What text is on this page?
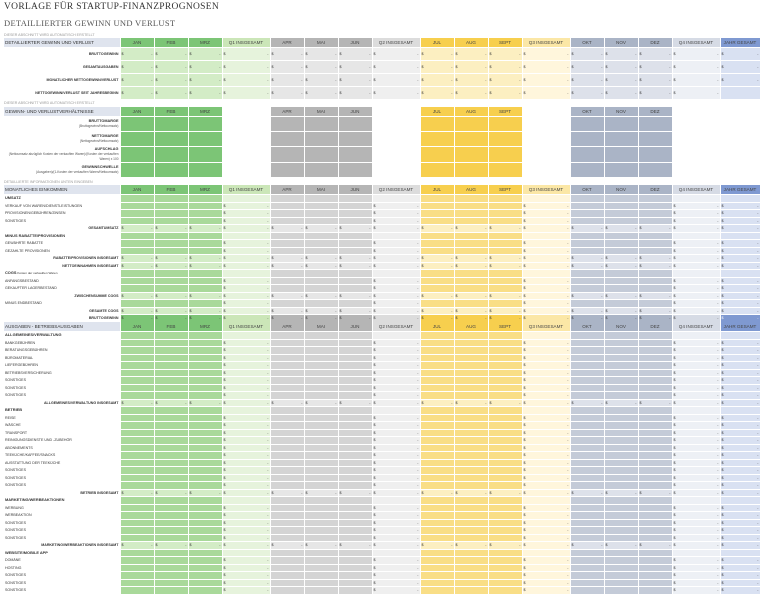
VORLAGE FÜR STARTUP-FINANZPROGNOSEN
DETAILLIERTER GEWINN UND VERLUST
DIESER ABSCHNITT WIRD AUTOMATISCH ERSTELLT
DETAILLIERTER GEWINN UND VERLUST	JAN	FEB	MRZ	Q1 INSGESAMT	APR	MAI	JUN	Q2 INSGESAMT	JUL	AUG	SEPT	Q3 INSGESAMT	OKT	NOV	DEZ	Q4 INSGESAMT	JAHR GESAMT
BRUTTOGEWINN	$ -	$ -	$ -	$ -	$ -	$ -	$ -	$ -	$ -	$ -	$ -	$ -	$ -	$ -	$ -	$ -	$ -

GESAMTAUSGABEN	$ -	$ -	$ -	$ -	$ -	$ -	$ -	$ -	$ -	$ -	$ -	$ -	$ -	$ -	$ -	$ -	$ -

MONATLICHER NETTOGEWINN/VERLUST	$ -	$ -	$ -	$ -	$ -	$ -	$ -	$ -	$ -	$ -	$ -	$ -	$ -	$ -	$ -	$ -	$ -

NETTOGEWINN/VERLUST SEIT JAHRESBEGINN	$ -	$ -	$ -	$ -	$ -	$ -	$ -	$ -	$ -	$ -	$ -	$ -	$ -	$ -	$ -	$ -	

DIESER ABSCHNITT WIRD AUTOMATISCH ERSTELLT
GEWINN- UND VERLUSTVERHÄLTNISSE	JAN	FEB	MRZ		APR	MAI	JUN		JUL	AUG	SEPT		OKT	NOV	DEZ		

BRUTTOMARGE
(Bruttogewinn/Nettoumsatz)																	

NETTOMARGE
(Nettogewinn/Nettoumsatz)																	

AUFSCHLAG
(Nettoumsatz abzüglich Kosten der verkauften Waren)/(Kosten der verkauften Waren) x 100																	

GEWINNSCHWELLE
(Ausgaben)/(1-Kosten der verkauften Waren/Nettoumsatz)																	

DETAILLIERTE INFORMATIONEN UNTEN EINGEBEN
MONATLICHES EINKOMMEN	JAN	FEB	MRZ	Q1 INSGESAMT	APR	MAI	JUN	Q2 INSGESAMT	JUL	AUG	SEPT	Q3 INSGESAMT	OKT	NOV	DEZ	Q4 INSGESAMT	JAHR GESAMT
UMSATZ																	
VERKAUF VON WAREN/DIENSTLEISTUNGEN				$ -				$ -				$ -				$ -	$ -

PROVISIONEN/GEBÜHREN/ZINSEN				$ -				$ -				$ -				$ -	$ -

SONSTIGES				$ -				$ -				$ -				$ -	$ -

GESAMTUMSATZ	$ -	$ -	$ -	$ -	$ -	$ -	$ -	$ -	$ -	$ -	$ -	$ -	$ -	$ -	$ -	$ -	$ -

MINUS RABATTE/PROVISIONEN																	
GEWÄHRTE RABATTE				$ -				$ -				$ -				$ -	$ -

GEZAHLTE PROVISIONEN				$ -				$ -				$ -				$ -	$ -

RABATTE/PROVISIONEN INSGESAMT	$ -	$ -	$ -	$ -	$ -	$ -	$ -	$ -	$ -	$ -	$ -	$ -	$ -	$ -	$ -	$ -	$ -

NETTOEINNAHMEN INSGESAMT	$ -	$ -	$ -	$ -	$ -	$ -	$ -	$ -	$ -	$ -	$ -	$ -	$ -	$ -	$ -	$ -	$ -

COGS Kosten der verkauften Waren																	
ANFANGSBESTAND				$ -				$ -				$ -				$ -	$ -

GEKAUFTER LAGERBESTAND				$ -				$ -				$ -				$ -	$ -

ZWISCHENSUMME COGS	$ -	$ -	$ -	$ -	$ -	$ -	$ -	$ -	$ -	$ -	$ -	$ -	$ -	$ -	$ -	$ -	$ -

MINUS ENDBESTAND				$ -				$ -				$ -				$ -	$ -

GESAMTE COGS	$ -	$ -	$ -	$ -	$ -	$ -	$ -	$ -	$ -	$ -	$ -	$ -	$ -	$ -	$ -	$ -	$ -

BRUTTOGEWINN	$ -	$ -	$ -	$ -	$ -	$ -	$ -	$ -	$ -	$ -	$ -	$ -	$ -	$ -	$ -	$ -	$ -
AUSGABEN - BETRIEBSAUSGABEN	JAN	FEB	MRZ	Q1 INSGESAMT	APR	MAI	JUN	Q2 INSGESAMT	JUL	AUG	SEPT	Q3 INSGESAMT	OKT	NOV	DEZ	Q4 INSGESAMT	JAHR GESAMT
ALLGEMEINES/VERWALTUNG																	
BANKGEBÜHREN				$ -				$ -				$ -				$ -	$ -

BERATUNGSGEBÜHREN				$ -				$ -				$ -				$ -	$ -

BÜROMATERIAL				$ -				$ -				$ -				$ -	$ -

LIEFERGEBÜHREN				$ -				$ -				$ -				$ -	$ -

BETRIEBSVERSICHERUNG				$ -				$ -				$ -				$ -	$ -

SONSTIGES				$ -				$ -				$ -				$ -	$ -

SONSTIGES				$ -				$ -				$ -				$ -	$ -

SONSTIGES				$ -				$ -				$ -				$ -	$ -

ALLGEMEINES/VERWALTUNG INSGESAMT	$ -	$ -	$ -	$ -	$ -	$ -	$ -	$ -	$ -	$ -	$ -	$ -	$ -	$ -	$ -	$ -	$ -

BETRIEB																	
REISE				$ -				$ -				$ -				$ -	$ -

WÄSCHE				$ -				$ -				$ -				$ -	$ -

TRANSPORT				$ -				$ -				$ -				$ -	$ -

REINIGUNGSDIENSTE UND -ZUBEHÖR				$ -				$ -				$ -				$ -	$ -

ABONNEMENTS				$ -				$ -				$ -				$ -	$ -

TEEKÜCHE/KAFFEE/SNACKS				$ -				$ -				$ -				$ -	$ -

AUSSTATTUNG DER TEEKÜCHE				$ -				$ -				$ -				$ -	$ -

SONSTIGES				$ -				$ -				$ -				$ -	$ -

SONSTIGES				$ -				$ -				$ -				$ -	$ -

SONSTIGES				$ -				$ -				$ -				$ -	$ -

BETRIEB INSGESAMT	$ -	$ -	$ -	$ -	$ -	$ -	$ -	$ -	$ -	$ -	$ -	$ -	$ -	$ -	$ -	$ -	$ -

MARKETING/WERBEAKTIONEN																	
WERBUNG				$ -				$ -				$ -				$ -	$ -

WERBEAKTION				$ -				$ -				$ -				$ -	$ -

SONSTIGES				$ -				$ -				$ -				$ -	$ -

SONSTIGES				$ -				$ -				$ -				$ -	$ -

SONSTIGES				$ -				$ -				$ -				$ -	$ -

MARKETING/WERBEAKTIONEN INSGESAMT	$ -	$ -	$ -	$ -	$ -	$ -	$ -	$ -	$ -	$ -	$ -	$ -	$ -	$ -	$ -	$ -	$ -

WEBSITE/MOBILE APP																	
DOMÄNE				$ -				$ -				$ -				$ -	$ -

HOSTING				$ -				$ -				$ -				$ -	$ -

SONSTIGES				$ -				$ -				$ -				$ -	$ -

SONSTIGES				$ -				$ -				$ -				$ -	$ -

SONSTIGES				$ -				$ -				$ -				$ -	$ -
